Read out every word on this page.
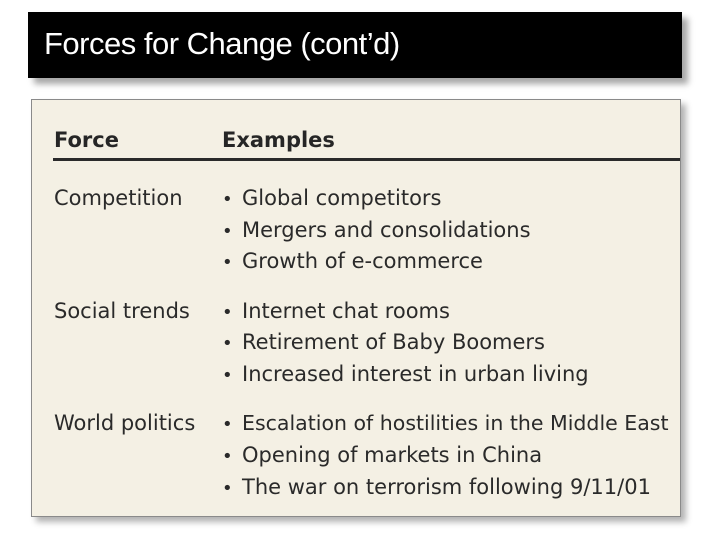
Forces for Change (cont’d)
Force	Examples
Competition • Global competitors
• Mergers and consolidations
• Growth of e-commerce
Social trends • Internet chat rooms
• Retirement of Baby Boomers
• Increased interest in urban living
World politics • Escalation of hostilities in the Middle East
• Opening of markets in China
• The war on terrorism following 9/11/01
